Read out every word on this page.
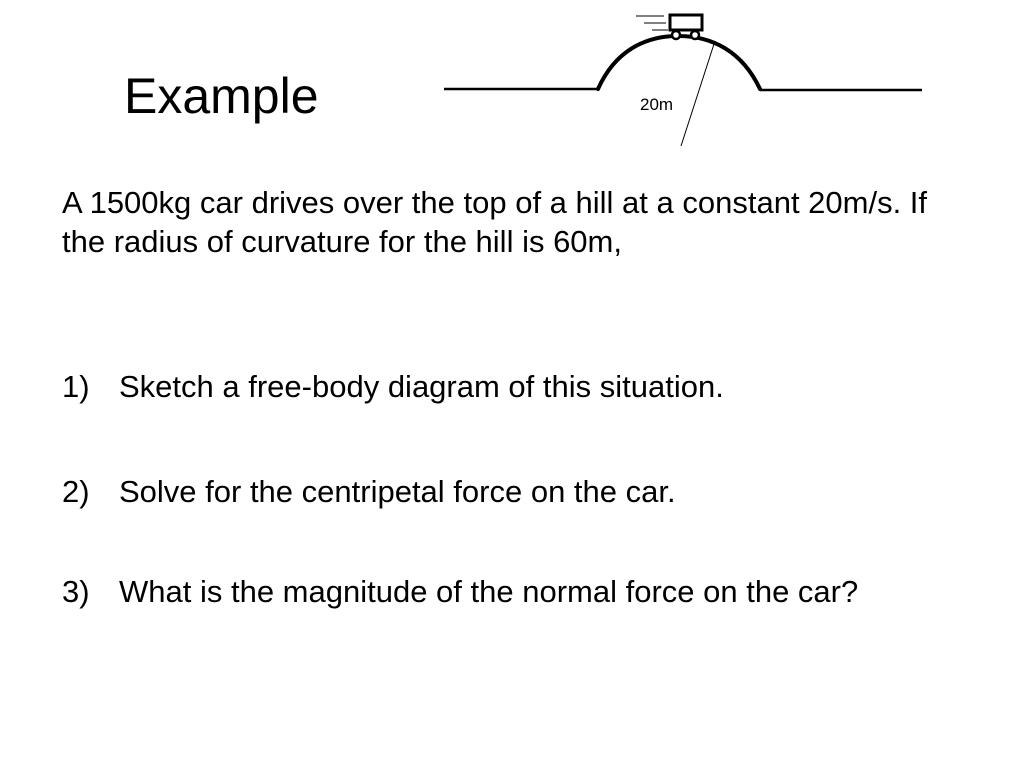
Example	20m

A 1500kg car drives over the top of a hill at a constant 20m/s. If the radius of curvature for the hill is 60m,

1) Sketch a free-body diagram of this situation.
2) Solve for the centripetal force on the car.
3) What is the magnitude of the normal force on the car?
